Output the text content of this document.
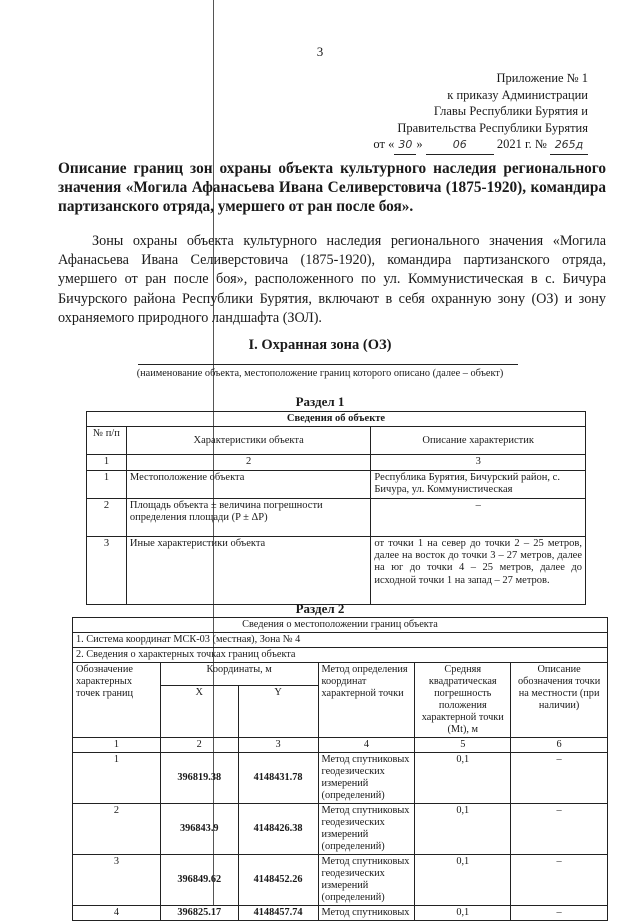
3
Приложение № 1
к приказу Администрации
Главы Республики Бурятия и
Правительства Республики Бурятия
от « 30 »	06 2021 г. № 265д
Описание границ зон охраны объекта культурного наследия регионального значения «Могила Афанасьева Ивана Селиверстовича (1875-1920), командира партизанского отряда, умершего от ран после боя».
Зоны охраны объекта культурного наследия регионального значения «Могила Афанасьева Ивана Селиверстовича (1875-1920), командира партизанского отряда, умершего от ран после боя», расположенного по ул. Коммунистическая в с. Бичура Бичурского района Республики Бурятия, включают в себя охранную зону (ОЗ) и зону охраняемого природного ландшафта (ЗОЛ).
I. Охранная зона (ОЗ)
(наименование объекта, местоположение границ которого описано (далее – объект)
Раздел 1
Сведения об объекте		
№ п/п	Характеристики объекта	Описание характеристик
1	2	3
1	Местоположение объекта	Республика Бурятия, Бичурский район, с. Бичура, ул. Коммунистическая
2	Площадь объекта ± величина погрешности определения площади (P ± ΔP)	–
3	Иные характеристики объекта	от точки 1 на север до точки 2 – 25 метров, далее на восток до точки 3 – 27 метров, далее на юг до точки 4 – 25 метров, далее до исходной точки 1 на запад – 27 метров.
Раздел 2
Сведения о местоположении границ объекта					
1. Система координат МСК-03 (местная), Зона № 4					
2. Сведения о характерных точках границ объекта					
Обозначение характерных точек границ	Координаты, м		Метод определения координат характерной точки	Средняя квадратическая погрешность положения характерной точки (Mt), м	Описание обозначения точки на местности (при наличии)
	X	Y			
1	2	3	4	5	6
1	396819.38	4148431.78	Метод спутниковых геодезических измерений (определений)	0,1	–
2	396843.9	4148426.38	Метод спутниковых геодезических измерений (определений)	0,1	–
3	396849.62	4148452.26	Метод спутниковых геодезических измерений (определений)	0,1	–
4	396825.17	4148457.74	Метод спутниковых	0,1	–
